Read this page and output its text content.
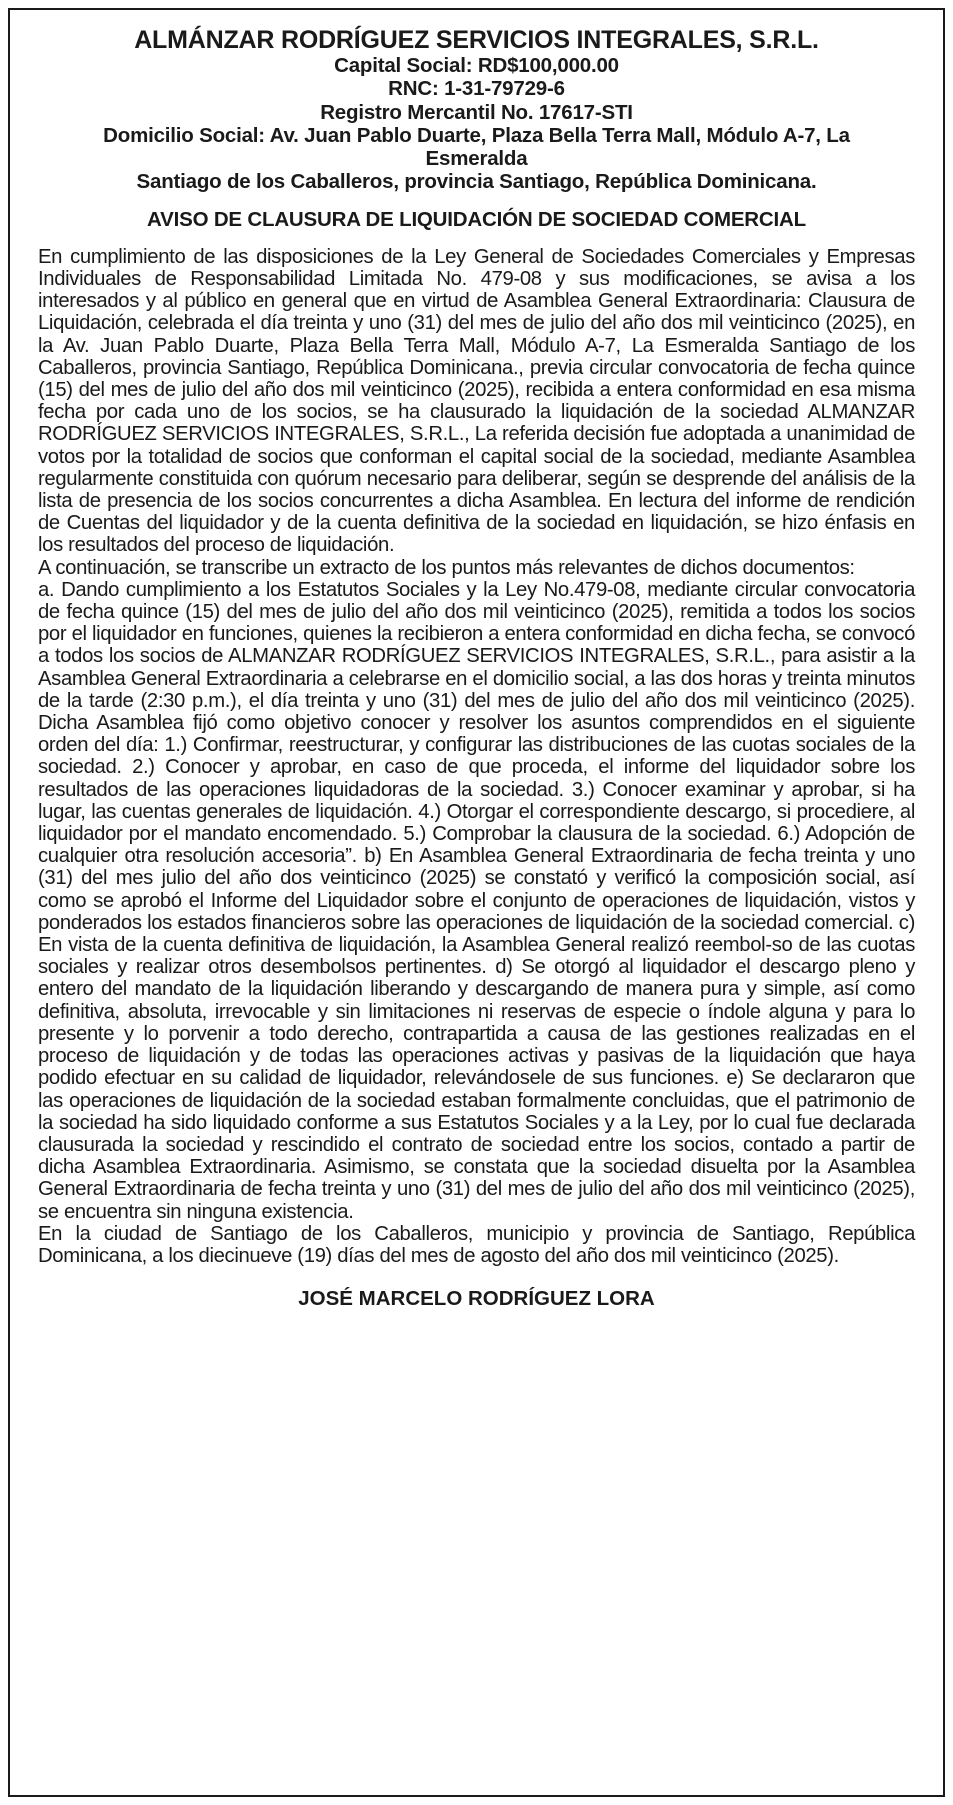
ALMÁNZAR RODRÍGUEZ SERVICIOS INTEGRALES, S.R.L.
Capital Social: RD$100,000.00
RNC: 1-31-79729-6
Registro Mercantil No. 17617-STI
Domicilio Social: Av. Juan Pablo Duarte, Plaza Bella Terra Mall, Módulo A-7, La Esmeralda
Santiago de los Caballeros, provincia Santiago, República Dominicana.
AVISO DE CLAUSURA DE LIQUIDACIÓN DE SOCIEDAD COMERCIAL

En cumplimiento de las disposiciones de la Ley General de Sociedades Comerciales y Empresas Individuales de Responsabilidad Limitada No. 479-08 y sus modificaciones, se avisa a los interesados y al público en general que en virtud de Asamblea General Extraordinaria: Clausura de Liquidación, celebrada el día treinta y uno (31) del mes de julio del año dos mil veinticinco (2025), en la Av. Juan Pablo Duarte, Plaza Bella Terra Mall, Módulo A-7, La Esmeralda Santiago de los Caballeros, provincia Santiago, República Dominicana., previa circular convocatoria de fecha quince (15) del mes de julio del año dos mil veinticinco (2025), recibida a entera conformidad en esa misma fecha por cada uno de los socios, se ha clausurado la liquidación de la sociedad ALMANZAR RODRÍGUEZ SERVICIOS INTEGRALES, S.R.L., La referida decisión fue adoptada a unanimidad de votos por la totalidad de socios que conforman el capital social de la sociedad, mediante Asamblea regularmente constituida con quórum necesario para deliberar, según se desprende del análisis de la lista de presencia de los socios concurrentes a dicha Asamblea. En lectura del informe de rendición de Cuentas del liquidador y de la cuenta definitiva de la sociedad en liquidación, se hizo énfasis en los resultados del proceso de liquidación.

A continuación, se transcribe un extracto de los puntos más relevantes de dichos documentos:

a. Dando cumplimiento a los Estatutos Sociales y la Ley No.479-08, mediante circular convocatoria de fecha quince (15) del mes de julio del año dos mil veinticinco (2025), remitida a todos los socios por el liquidador en funciones, quienes la recibieron a entera conformidad en dicha fecha, se convocó a todos los socios de ALMANZAR RODRÍGUEZ SERVICIOS INTEGRALES, S.R.L., para asistir a la Asamblea General Extraordinaria a celebrarse en el domicilio social, a las dos horas y treinta minutos de la tarde (2:30 p.m.), el día treinta y uno (31) del mes de julio del año dos mil veinticinco (2025). Dicha Asamblea fijó como objetivo conocer y resolver los asuntos comprendidos en el siguiente orden del día: 1.) Confirmar, reestructurar, y configurar las distribuciones de las cuotas sociales de la sociedad. 2.) Conocer y aprobar, en caso de que proceda, el informe del liquidador sobre los resultados de las operaciones liquidadoras de la sociedad. 3.) Conocer examinar y aprobar, si ha lugar, las cuentas generales de liquidación. 4.) Otorgar el correspondiente descargo, si procediere, al liquidador por el mandato encomendado. 5.) Comprobar la clausura de la sociedad. 6.) Adopción de cualquier otra resolución accesoria”. b) En Asamblea General Extraordinaria de fecha treinta y uno (31) del mes julio del año dos veinticinco (2025) se constató y verificó la composición social, así como se aprobó el Informe del Liquidador sobre el conjunto de operaciones de liquidación, vistos y ponderados los estados financieros sobre las operaciones de liquidación de la sociedad comercial. c) En vista de la cuenta definitiva de liquidación, la Asamblea General realizó reembol-so de las cuotas sociales y realizar otros desembolsos pertinentes. d) Se otorgó al liquidador el descargo pleno y entero del mandato de la liquidación liberando y descargando de manera pura y simple, así como definitiva, absoluta, irrevocable y sin limitaciones ni reservas de especie o índole alguna y para lo presente y lo porvenir a todo derecho, contrapartida a causa de las gestiones realizadas en el proceso de liquidación y de todas las operaciones activas y pasivas de la liquidación que haya podido efectuar en su calidad de liquidador, relevándosele de sus funciones. e) Se declararon que las operaciones de liquidación de la sociedad estaban formalmente concluidas, que el patrimonio de la sociedad ha sido liquidado conforme a sus Estatutos Sociales y a la Ley, por lo cual fue declarada clausurada la sociedad y rescindido el contrato de sociedad entre los socios, contado a partir de dicha Asamblea Extraordinaria. Asimismo, se constata que la sociedad disuelta por la Asamblea General Extraordinaria de fecha treinta y uno (31) del mes de julio del año dos mil veinticinco (2025), se encuentra sin ninguna existencia.

En la ciudad de Santiago de los Caballeros, municipio y provincia de Santiago, República Dominicana, a los diecinueve (19) días del mes de agosto del año dos mil veinticinco (2025).

JOSÉ MARCELO RODRÍGUEZ LORA
